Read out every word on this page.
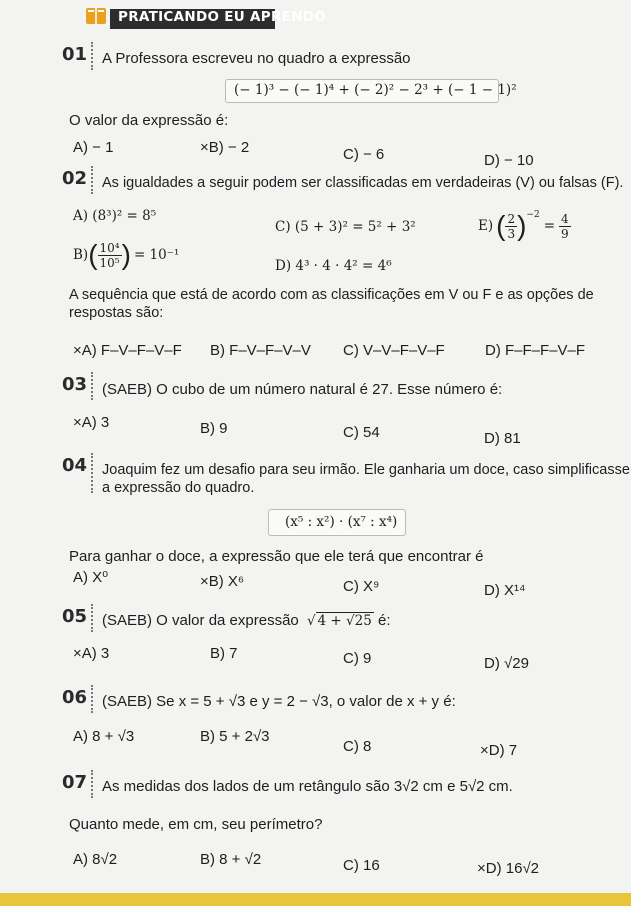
PRATICANDO EU APRENDO
01 A Professora escreveu no quadro a expressão
(− 1)³ − (− 1)⁴ + (− 2)² − 2³ + (− 1 − 1)²
O valor da expressão é:
A) − 1	×B) − 2	C) − 6	D) − 10
02 As igualdades a seguir podem ser classificadas em verdadeiras (V) ou falsas (F).
A) (8³)² = 8⁵
B) ( $\frac{\text{10⁴}}{\text{10⁵}}$ ) = 10⁻¹
C) (5 + 3)² = 5² + 3²
D) 4³ · 4 · 4² = 4⁶
E) ( $\frac{2}{3}$ ) −2
= $\frac{4}{9}$
A sequência que está de acordo com as classificações em V ou F e as opções de
respostas são:
×A) F–V–F–V–F B) F–V–F–V–V C) V–V–F–V–F	D) F–F–F–V–F
03 (SAEB) O cubo de um número natural é 27. Esse número é:
×A) 3	B) 9	C) 54	D) 81
04 Joaquim fez um desafio para seu irmão. Ele ganharia um doce, caso simplificasse
a expressão do quadro.
(x⁵ : x²) · (x⁷ : x⁴)
Para ganhar o doce, a expressão que ele terá que encontrar é
A) X⁰	×B) X⁶	C) X⁹	D) X¹⁴
05 (SAEB) O valor da expressão √ 4 + √25 é:
×A) 3	B) 7	C) 9	D) √29
06 (SAEB) Se x = 5 + √3 e y = 2 − √3, o valor de x + y é:
A) 8 + √3	B) 5 + 2√3
C) 8	×D) 7
07 As medidas dos lados de um retângulo são 3√2 cm e 5√2 cm.
Quanto mede, em cm, seu perímetro?
A) 8√2	B) 8 + √2	C) 16	×D) 16√2
